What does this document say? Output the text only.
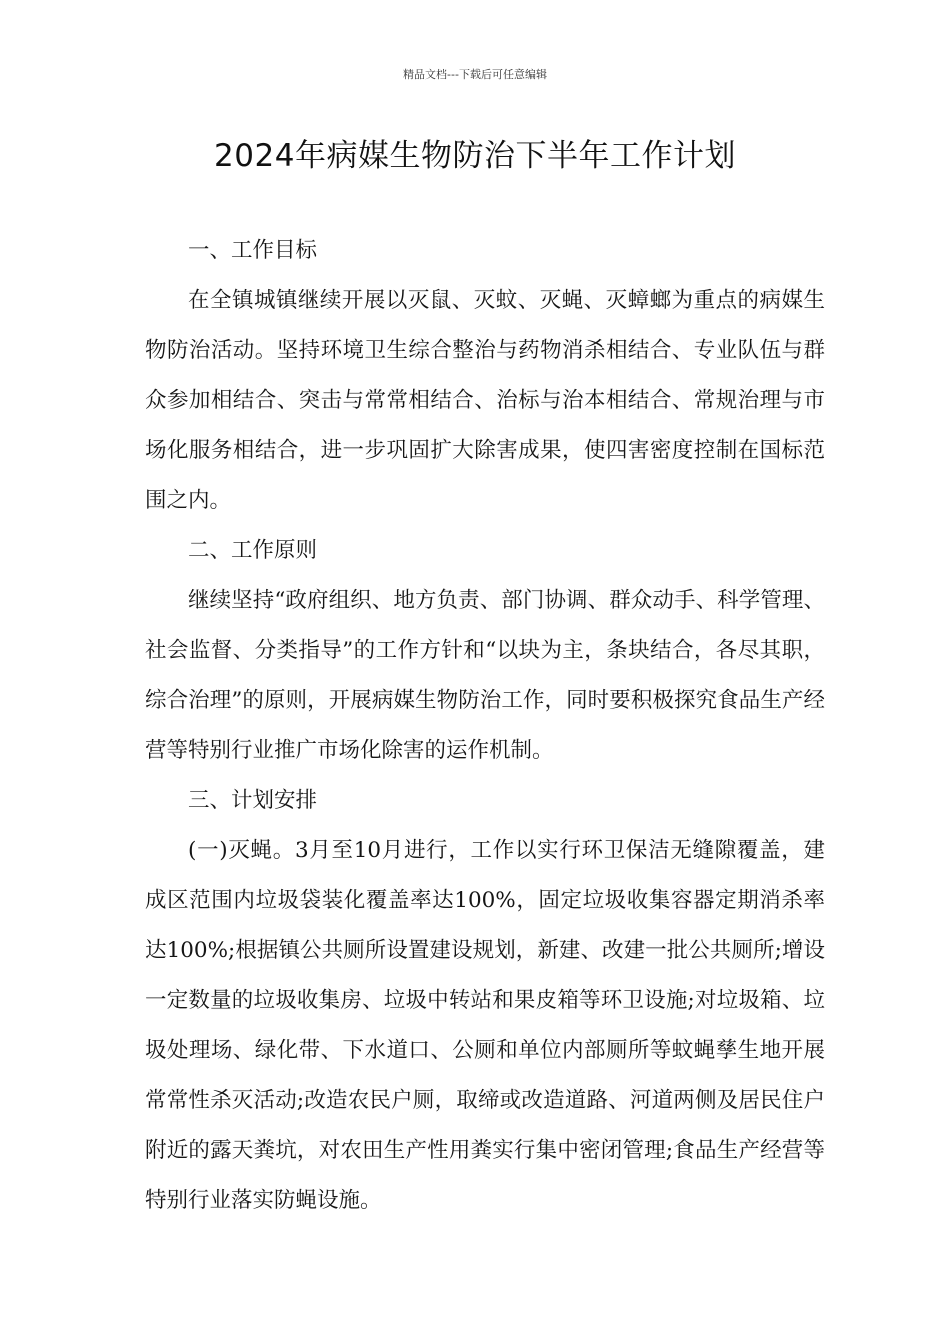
精品文档---下载后可任意编辑
2024年病媒生物防治下半年工作计划

一、工作目标

在全镇城镇继续开展以灭鼠、灭蚊、灭蝇、灭蟑螂为重点的病媒生物防治活动。坚持环境卫生综合整治与药物消杀相结合、专业队伍与群众参加相结合、突击与常常相结合、治标与治本相结合、常规治理与市场化服务相结合，进一步巩固扩大除害成果，使四害密度控制在国标范围之内。

二、工作原则

继续坚持“政府组织、地方负责、部门协调、群众动手、科学管理、社会监督、分类指导”的工作方针和“以块为主，条块结合，各尽其职，综合治理”的原则，开展病媒生物防治工作，同时要积极探究食品生产经营等特别行业推广市场化除害的运作机制。

三、计划安排

(一)灭蝇。3月至10月进行，工作以实行环卫保洁无缝隙覆盖，建成区范围内垃圾袋装化覆盖率达100%，固定垃圾收集容器定期消杀率达100%;根据镇公共厕所设置建设规划，新建、改建一批公共厕所;增设一定数量的垃圾收集房、垃圾中转站和果皮箱等环卫设施;对垃圾箱、垃圾处理场、绿化带、下水道口、公厕和单位内部厕所等蚊蝇孳生地开展常常性杀灭活动;改造农民户厕，取缔或改造道路、河道两侧及居民住户附近的露天粪坑，对农田生产性用粪实行集中密闭管理;食品生产经营等特别行业落实防蝇设施。
